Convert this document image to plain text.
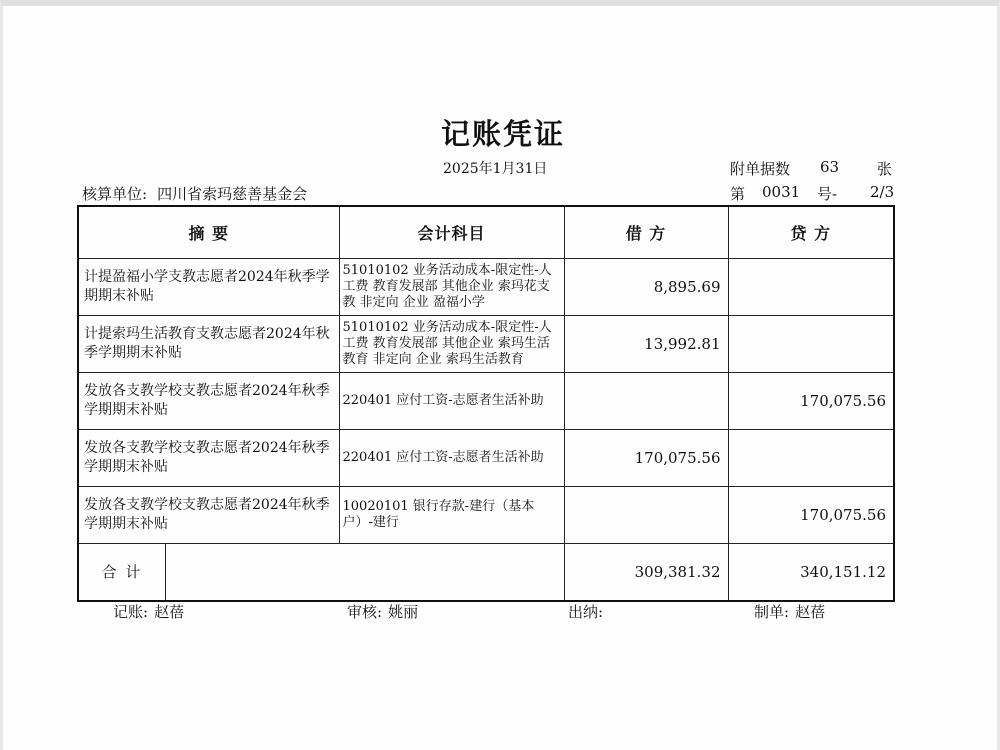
记账凭证
2025年1月31日	附单据数 63	张
核算单位: 四川省索玛慈善基金会	第 0031 号- 2/3
摘 要	会计科目	借 方	贷 方
计提盈福小学支教志愿者2024年秋季学期期末补贴	51010102 业务活动成本-限定性-人工费 教育发展部 其他企业 索玛花支教 非定向 企业 盈福小学	8,895.69	
计提索玛生活教育支教志愿者2024年秋季学期期末补贴	51010102 业务活动成本-限定性-人工费 教育发展部 其他企业 索玛生活教育 非定向 企业 索玛生活教育	13,992.81	
发放各支教学校支教志愿者2024年秋季学期期末补贴	220401 应付工资-志愿者生活补助		170,075.56
发放各支教学校支教志愿者2024年秋季学期期末补贴	220401 应付工资-志愿者生活补助	170,075.56	
发放各支教学校支教志愿者2024年秋季学期期末补贴	10020101 银行存款-建行（基本户）-建行		170,075.56

合 计		309,381.32	340,151.12
记账: 赵蓓	审核: 姚丽	出纳:	制单: 赵蓓
